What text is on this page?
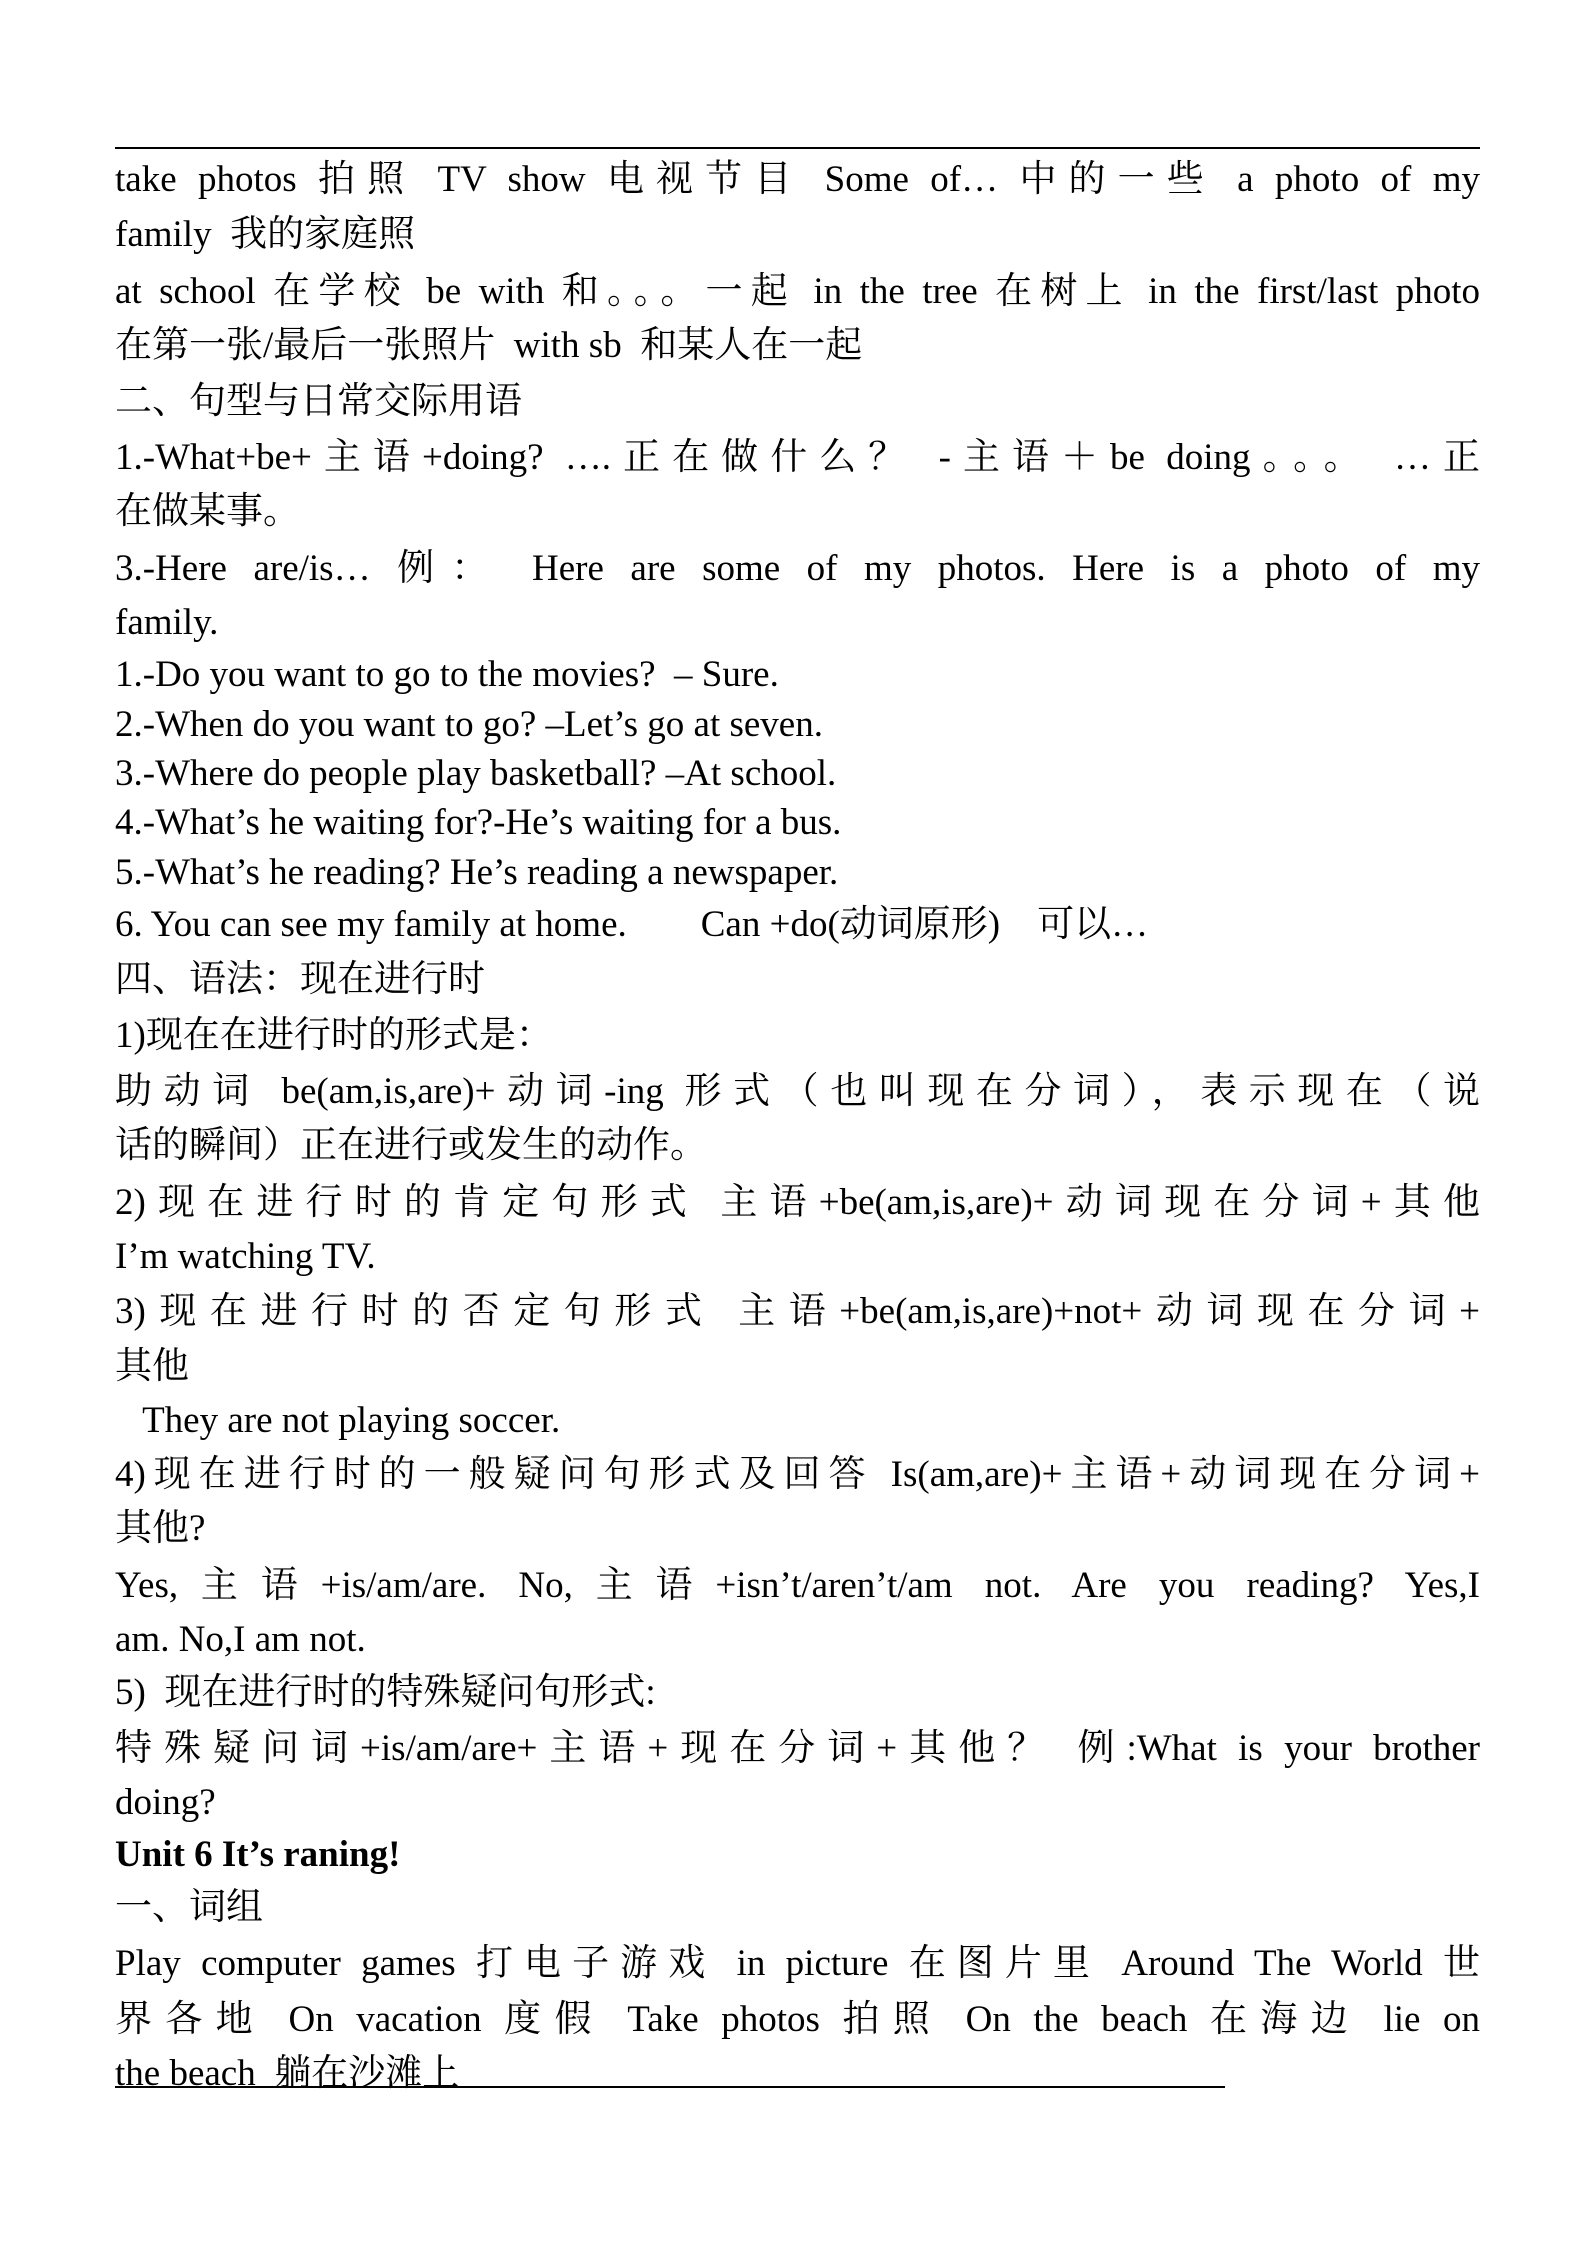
take photos 拍照 TV show 电视节目 Some of… 中的一些 a photo of my
family  我的家庭照
at school 在学校 be with 和。。。一起 in the tree 在树上 in the first/last photo
在第一张/最后一张照片  with sb  和某人在一起
二、句型与日常交际用语
1.-What+be+主语+doing? ….正在做什么？ -主语＋be doing。。。 …正
在做某事。
3.-Here are/is… 例： Here are some of my photos. Here is a photo of my
family.
1.-Do you want to go to the movies?  – Sure.
2.-When do you want to go? –Let’s go at seven.
3.-Where do people play basketball? –At school.
4.-What’s he waiting for?-He’s waiting for a bus.
5.-What’s he reading? He’s reading a newspaper.
6. You can see my family at home.        Can +do(动词原形)    可以…
四、语法：现在进行时
1)现在在进行时的形式是：
助动词 be(am,is,are)+动词-ing 形式（也叫现在分词），表示现在（说
话的瞬间）正在进行或发生的动作。
2)现在进行时的肯定句形式 主语+be(am,is,are)+动词现在分词+其他
I’m watching TV.
3)现在进行时的否定句形式 主语+be(am,is,are)+not+动词现在分词+
其他
They are not playing soccer.
4)现在进行时的一般疑问句形式及回答 Is(am,are)+主语+动词现在分词+
其他?
Yes,主语+is/am/are. No,主语+isn’t/aren’t/am not. Are you reading? Yes,I
am. No,I am not.
5)  现在进行时的特殊疑问句形式:
特殊疑问词+is/am/are+主语+现在分词+其他？ 例:What is your brother
doing?
Unit 6 It’s raning!
一、词组
Play computer games 打电子游戏 in picture 在图片里 Around The World 世
界各地 On vacation 度假 Take photos 拍照 On the beach 在海边 lie on
the beach  躺在沙滩上
